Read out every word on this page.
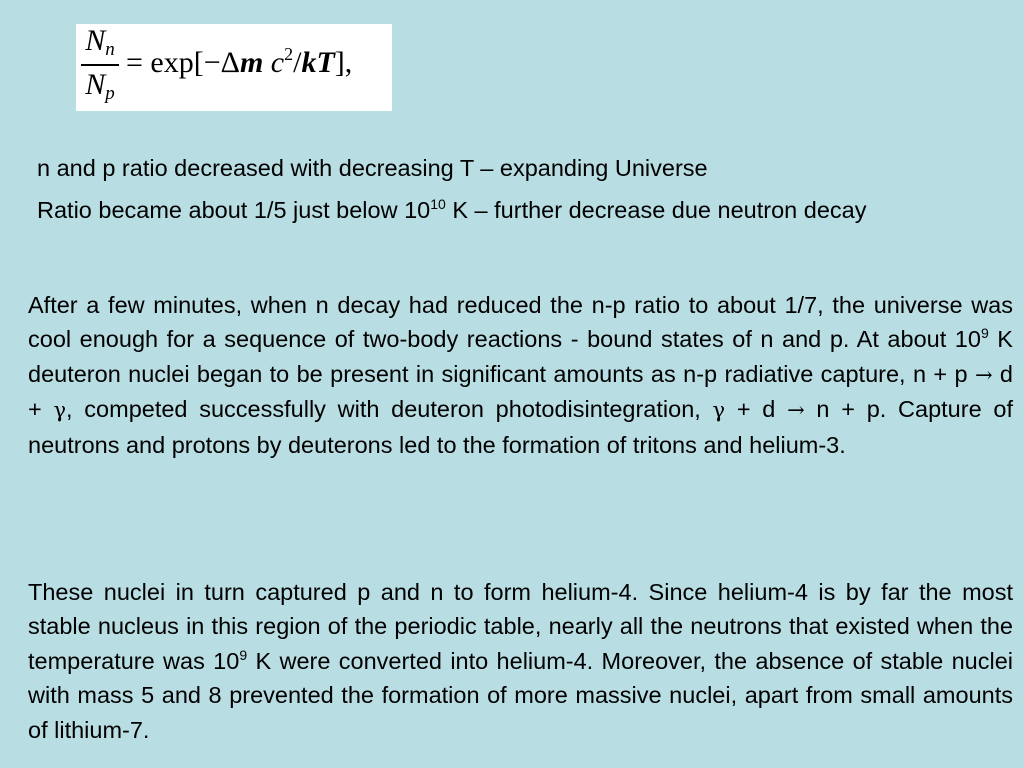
$N_n$
$N_p$
= exp[−Δm $c^2/kT$],
n and p ratio decreased with decreasing T – expanding Universe
Ratio became about 1/5 just below $10^{10}$ K – further decrease due neutron decay
After a few minutes, when n decay had reduced the n-p ratio to about 1/7, the universe was cool enough for a sequence of two-body reactions - bound states of n and p. At about $10^9$ K deuteron nuclei began to be present in significant amounts as n-p radiative capture, n + p → d + γ, competed successfully with deuteron photodisintegration, γ + d → n + p. Capture of neutrons and protons by deuterons led to the formation of tritons and helium-3.
These nuclei in turn captured p and n to form helium-4. Since helium-4 is by far the most stable nucleus in this region of the periodic table, nearly all the neutrons that existed when the temperature was $10^9$ K were converted into helium-4. Moreover, the absence of stable nuclei with mass 5 and 8 prevented the formation of more massive nuclei, apart from small amounts of lithium-7.
